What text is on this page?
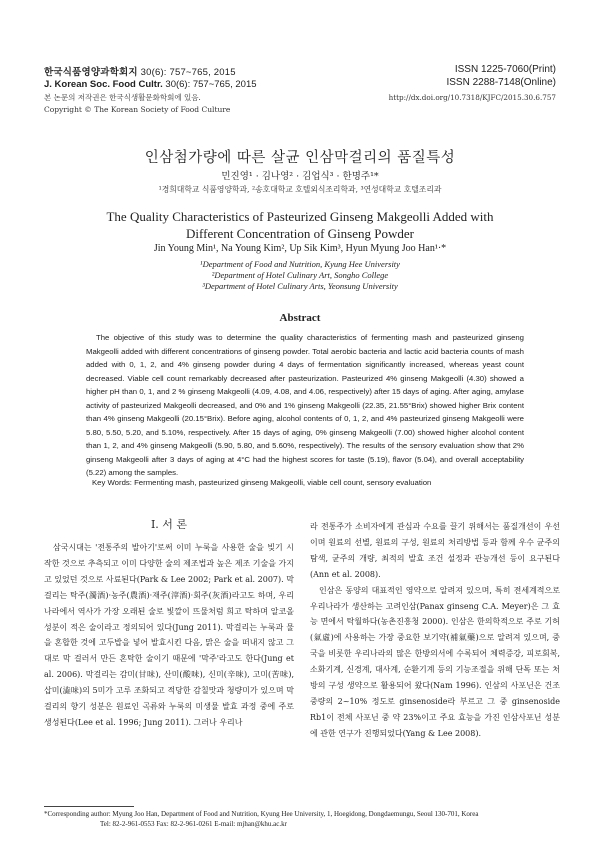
한국식품영양과학회지 30(6): 757~765, 2015
J. Korean Soc. Food Cultr. 30(6): 757~765, 2015
본 논문의 저작권은 한국식생활문화학회에 있음.
Copyright © The Korean Society of Food Culture
ISSN 1225-7060(Print)
ISSN 2288-7148(Online)
http://dx.doi.org/10.7318/KJFC/2015.30.6.757
인삼첨가량에 따른 살균 인삼막걸리의 품질특성
민진영¹ · 김나영² · 김업식³ · 한명주¹*
¹경희대학교 식품영양학과, ²송호대학교 호텔외식조리학과, ³연성대학교 호텔조리과
The Quality Characteristics of Pasteurized Ginseng Makgeolli Added with
Different Concentration of Ginseng Powder
Jin Young Min¹, Na Young Kim², Up Sik Kim³, Hyun Myung Joo Han¹·*
¹Department of Food and Nutrition, Kyung Hee University
²Department of Hotel Culinary Art, Songho College
³Department of Hotel Culinary Arts, Yeonsung University
Abstract
The objective of this study was to determine the quality characteristics of fermenting mash and pasteurized ginseng Makgeolli added with different concentrations of ginseng powder. Total aerobic bacteria and lactic acid bacteria counts of mash added with 0, 1, 2, and 4% ginseng powder during 4 days of fermentation significantly increased, whereas yeast count decreased. Viable cell count remarkably decreased after pasteurization. Pasteurized 4% ginseng Makgeolli (4.30) showed a higher pH than 0, 1, and 2 % ginseng Makgeolli (4.09, 4.08, and 4.06, respectively) after 15 days of aging. After aging, amylase activity of pasteurized Makgeolli decreased, and 0% and 1% ginseng Makgeolli (22.35, 21.55°Brix) showed higher Brix content than 4% ginseng Makgeolli (20.15°Brix). Before aging, alcohol contents of 0, 1, 2, and 4% pasteurized ginseng Makgeolli were 5.80, 5.50, 5.20, and 5.10%, respectively. After 15 days of aging, 0% ginseng Makgeolli (7.00) showed higher alcohol content than 1, 2, and 4% ginseng Makgeolli (5.90, 5.80, and 5.60%, respectively). The results of the sensory evaluation show that 2% ginseng Makgeolli after 3 days of aging at 4°C had the highest scores for taste (5.19), flavor (5.04), and overall acceptability (5.22) among the samples.
Key Words: Fermenting mash, pasteurized ginseng Makgeolli, viable cell count, sensory evaluation
I. 서 론

삼국시대는 '전통주의 발아기'로써 이미 누룩을 사용한 술을 빚기 시작한 것으로 추측되고 이미 다양한 술의 제조법과 높은 제조 기술을 가지고 있었던 것으로 사료된다(Park & Lee 2002; Park et al. 2007). 막걸리는 탁주(濁酒)·농주(農酒)·재주(滓酒)·회주(灰酒)라고도 하며, 우리나라에서 역사가 가장 오래된 술로 빛깔이 뜨물처럼 희고 탁하며 알코올 성분이 적은 술이라고 정의되어 있다(Jung 2011). 막걸리는 누룩과 물을 혼합한 것에 고두밥을 넣어 발효시킨 다음, 맑은 술을 떠내지 않고 그대로 막 걸러서 만든 혼탁한 술이기 때문에 '막주'라고도 한다(Jung et al. 2006). 막걸리는 감미(甘味), 산미(酸味), 신미(辛味), 고미(苦味), 삽미(澁味)의 5미가 고루 조화되고 적당한 감칠맛과 청량미가 있으며 막걸리의 향기 성분은 원료인 곡류와 누룩의 미생물 발효 과정 중에 주로 생성된다(Lee et al. 1996; Jung 2011). 그러나 우리나

라 전통주가 소비자에게 관심과 수요를 끌기 위해서는 품질개선이 우선이며 원료의 선별, 원료의 구성, 원료의 처리방법 등과 함께 우수 균주의 탐색, 균주의 개량, 최적의 발효 조건 설정과 관능개선 등이 요구된다(Ann et al. 2008).

인삼은 동양의 대표적인 영약으로 알려져 있으며, 특히 전세계적으로 우리나라가 생산하는 고려인삼(Panax ginseng C.A. Meyer)은 그 효능 면에서 탁월하다(농촌진흥청 2000). 인삼은 한의학적으로 주로 기허(氣虛)에 사용하는 가장 중요한 보기약(補氣藥)으로 알려져 있으며, 중국을 비롯한 우리나라의 많은 한방의서에 수록되어 체력증강, 피로회복, 소화기계, 신경계, 대사계, 순환기계 등의 기능조절을 위해 단독 또는 처방의 구성 생약으로 활용되어 왔다(Nam 1996). 인삼의 사포닌은 건조중량의 2~10% 정도로 ginsenoside라 부르고 그 중 ginsenoside Rb1이 전체 사포닌 중 약 23%이고 주요 효능을 가진 인삼사포닌 성분에 관한 연구가 진행되었다(Yang & Lee 2008).

*Corresponding author: Myung Joo Han, Department of Food and Nutrition, Kyung Hee University, 1, Hoegidong, Dongdaemungu, Seoul 130-701, Korea
Tel: 82-2-961-0553 Fax: 82-2-961-0261 E-mail: mjhan@khu.ac.kr
